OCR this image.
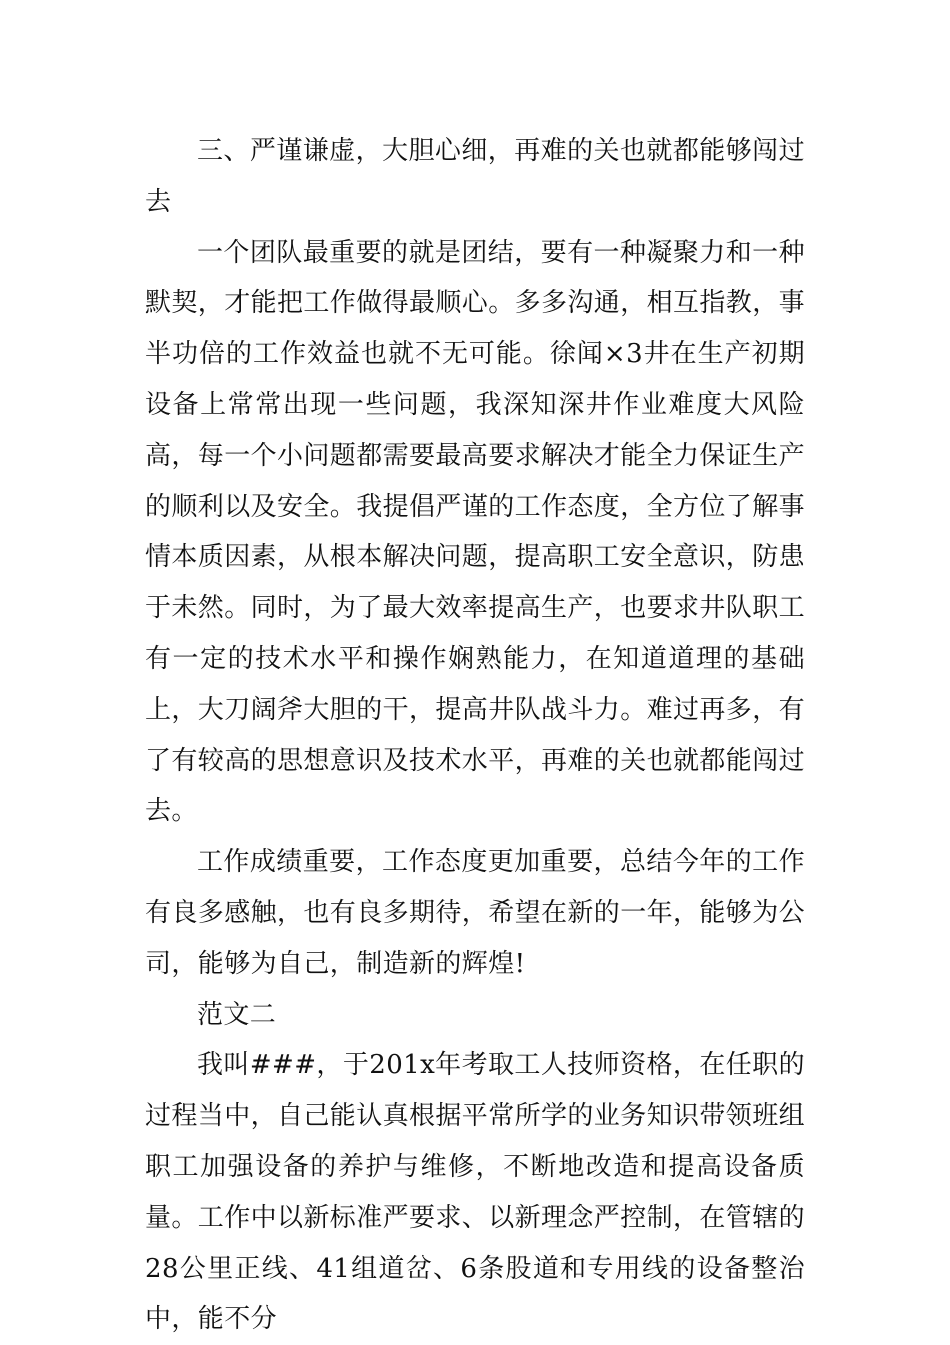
三、严谨谦虚，大胆心细，再难的关也就都能够闯过去

一个团队最重要的就是团结，要有一种凝聚力和一种默契，才能把工作做得最顺心。多多沟通，相互指教，事半功倍的工作效益也就不无可能。徐闻×3井在生产初期设备上常常出现一些问题，我深知深井作业难度大风险高，每一个小问题都需要最高要求解决才能全力保证生产的顺利以及安全。我提倡严谨的工作态度，全方位了解事情本质因素，从根本解决问题，提高职工安全意识，防患于未然。同时，为了最大效率提高生产，也要求井队职工有一定的技术水平和操作娴熟能力，在知道道理的基础上，大刀阔斧大胆的干，提高井队战斗力。难过再多，有了有较高的思想意识及技术水平，再难的关也就都能闯过去。

工作成绩重要，工作态度更加重要，总结今年的工作有良多感触，也有良多期待，希望在新的一年，能够为公司，能够为自己，制造新的辉煌!

范文二

我叫###，于201x年考取工人技师资格，在任职的过程当中，自己能认真根据平常所学的业务知识带领班组职工加强设备的养护与维修，不断地改造和提高设备质量。工作中以新标准严要求、以新理念严控制，在管辖的28公里正线、41组道岔、6条股道和专用线的设备整治中，能不分
